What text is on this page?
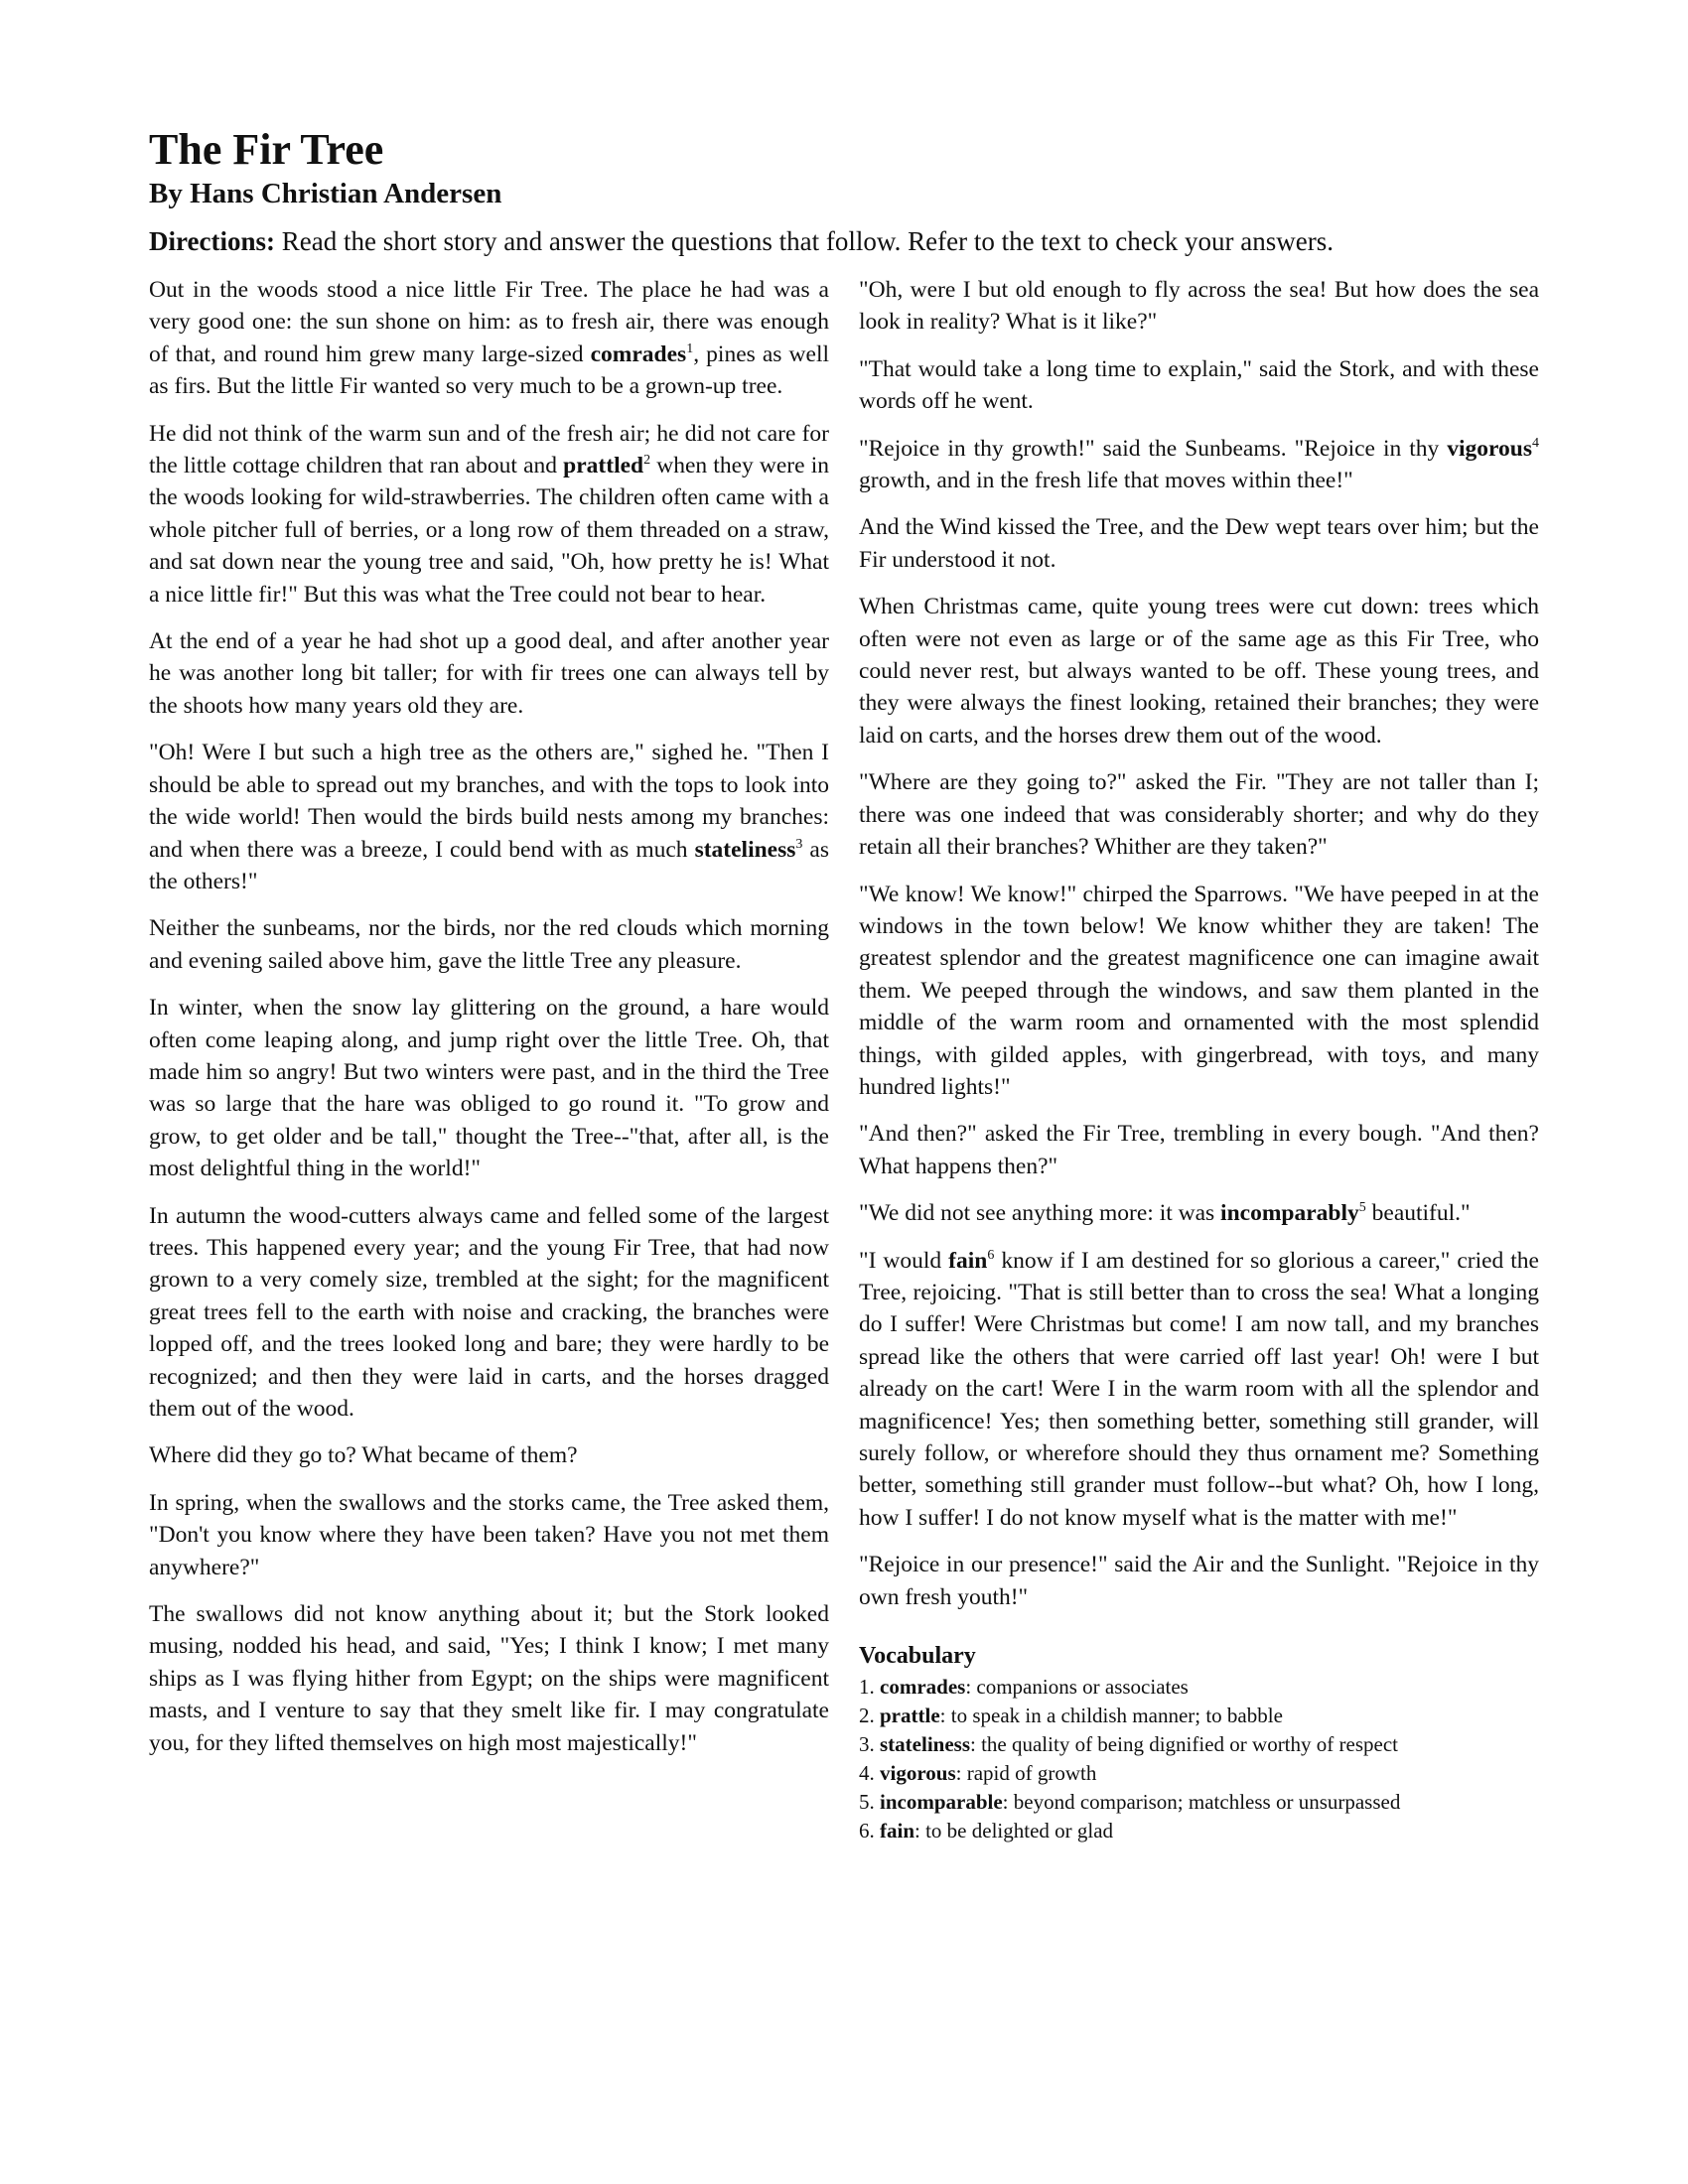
The Fir Tree
By Hans Christian Andersen
Directions: Read the short story and answer the questions that follow. Refer to the text to check your answers.

Out in the woods stood a nice little Fir Tree. The place he had was a very good one: the sun shone on him: as to fresh air, there was enough of that, and round him grew many large-sized comrades$^1$, pines as well as firs. But the little Fir wanted so very much to be a grown-up tree.

He did not think of the warm sun and of the fresh air; he did not care for the little cottage children that ran about and prattled$^2$ when they were in the woods looking for wild-strawberries. The children often came with a whole pitcher full of berries, or a long row of them threaded on a straw, and sat down near the young tree and said, "Oh, how pretty he is! What a nice little fir!" But this was what the Tree could not bear to hear.

At the end of a year he had shot up a good deal, and after another year he was another long bit taller; for with fir trees one can always tell by the shoots how many years old they are.

"Oh! Were I but such a high tree as the others are," sighed he. "Then I should be able to spread out my branches, and with the tops to look into the wide world! Then would the birds build nests among my branches: and when there was a breeze, I could bend with as much stateliness$^3$ as the others!"

Neither the sunbeams, nor the birds, nor the red clouds which morning and evening sailed above him, gave the little Tree any pleasure.

In winter, when the snow lay glittering on the ground, a hare would often come leaping along, and jump right over the little Tree. Oh, that made him so angry! But two winters were past, and in the third the Tree was so large that the hare was obliged to go round it. "To grow and grow, to get older and be tall," thought the Tree--"that, after all, is the most delightful thing in the world!"

In autumn the wood-cutters always came and felled some of the largest trees. This happened every year; and the young Fir Tree, that had now grown to a very comely size, trembled at the sight; for the magnificent great trees fell to the earth with noise and cracking, the branches were lopped off, and the trees looked long and bare; they were hardly to be recognized; and then they were laid in carts, and the horses dragged them out of the wood.

Where did they go to? What became of them?

In spring, when the swallows and the storks came, the Tree asked them, "Don't you know where they have been taken? Have you not met them anywhere?"

The swallows did not know anything about it; but the Stork looked musing, nodded his head, and said, "Yes; I think I know; I met many ships as I was flying hither from Egypt; on the ships were magnificent masts, and I venture to say that they smelt like fir. I may congratulate you, for they lifted themselves on high most majestically!"

"Oh, were I but old enough to fly across the sea! But how does the sea look in reality? What is it like?"

"That would take a long time to explain," said the Stork, and with these words off he went.

"Rejoice in thy growth!" said the Sunbeams. "Rejoice in thy vigorous$^4$ growth, and in the fresh life that moves within thee!"

And the Wind kissed the Tree, and the Dew wept tears over him; but the Fir understood it not.

When Christmas came, quite young trees were cut down: trees which often were not even as large or of the same age as this Fir Tree, who could never rest, but always wanted to be off. These young trees, and they were always the finest looking, retained their branches; they were laid on carts, and the horses drew them out of the wood.

"Where are they going to?" asked the Fir. "They are not taller than I; there was one indeed that was considerably shorter; and why do they retain all their branches? Whither are they taken?"

"We know! We know!" chirped the Sparrows. "We have peeped in at the windows in the town below! We know whither they are taken! The greatest splendor and the greatest magnificence one can imagine await them. We peeped through the windows, and saw them planted in the middle of the warm room and ornamented with the most splendid things, with gilded apples, with gingerbread, with toys, and many hundred lights!"

"And then?" asked the Fir Tree, trembling in every bough. "And then? What happens then?"

"We did not see anything more: it was incomparably$^5$ beautiful."

"I would fain$^6$ know if I am destined for so glorious a career," cried the Tree, rejoicing. "That is still better than to cross the sea! What a longing do I suffer! Were Christmas but come! I am now tall, and my branches spread like the others that were carried off last year! Oh! were I but already on the cart! Were I in the warm room with all the splendor and magnificence! Yes; then something better, something still grander, will surely follow, or wherefore should they thus ornament me? Something better, something still grander must follow--but what? Oh, how I long, how I suffer! I do not know myself what is the matter with me!"

"Rejoice in our presence!" said the Air and the Sunlight. "Rejoice in thy own fresh youth!"

Vocabulary
1. comrades: companions or associates
2. prattle: to speak in a childish manner; to babble
3. stateliness: the quality of being dignified or worthy of respect
4. vigorous: rapid of growth
5. incomparable: beyond comparison; matchless or unsurpassed
6. fain: to be delighted or glad
